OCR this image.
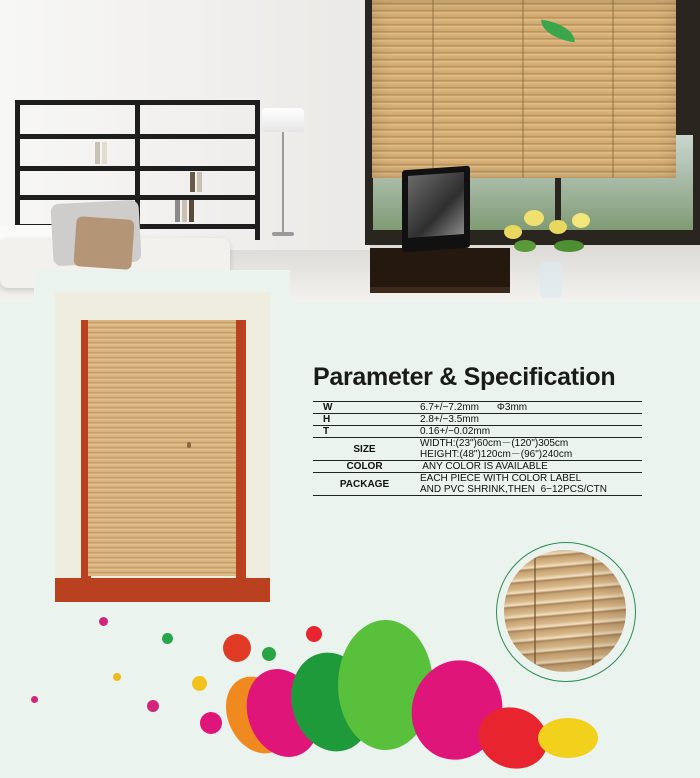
Parameter & Specification
W	6.7+/−7.2mm Φ3mm

H	2.8+/−3.5mm

T	0.16+/−0.02mm

SIZE	WIDTH:(23")60cm－(120")305cm
HEIGHT:(48")120cm－(96")240cm

COLOR	ANY COLOR IS AVAILABLE

PACKAGE	EACH PIECE WITH COLOR LABEL
AND PVC SHRINK,THEN  6−12PCS/CTN
